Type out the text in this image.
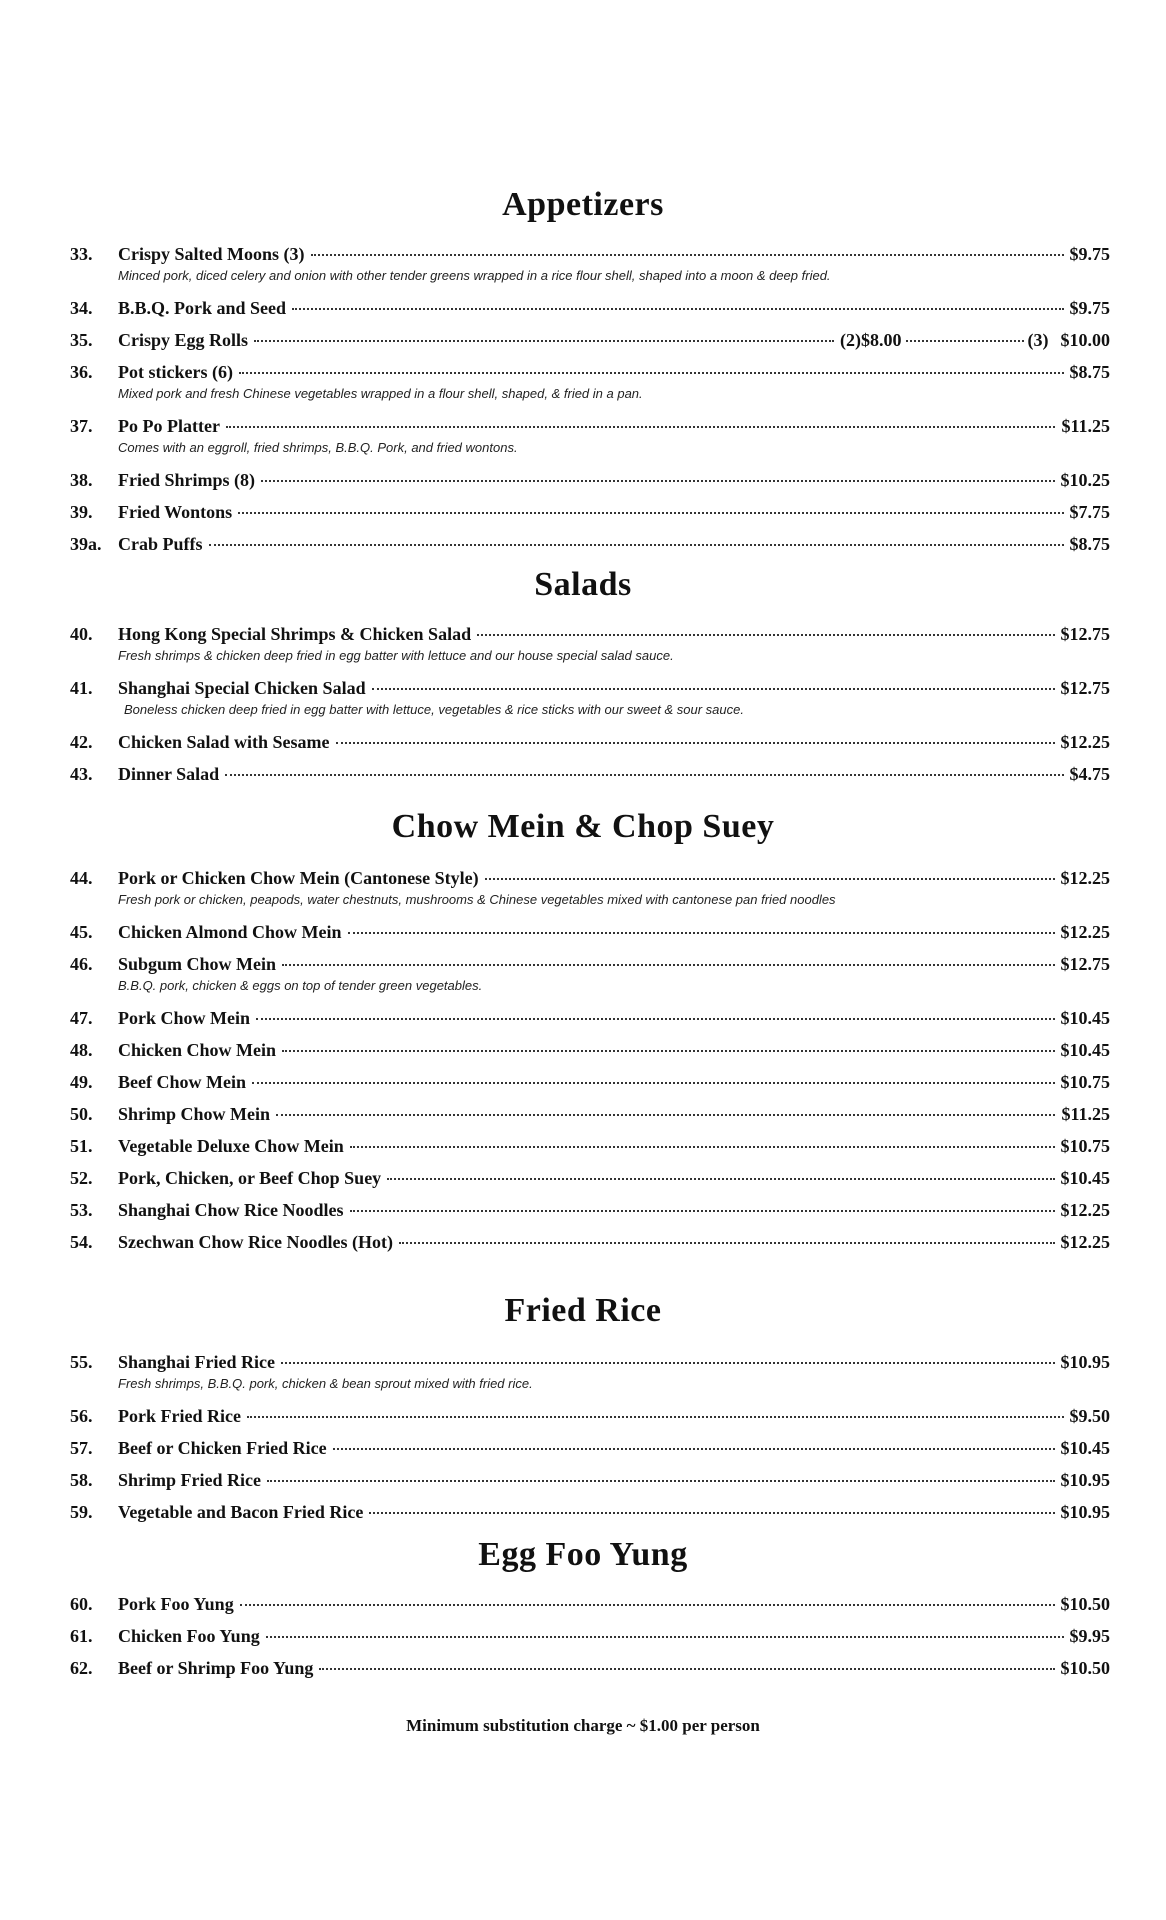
Appetizers
33.	Crispy Salted Moons (3)	$9.75
Minced pork, diced celery and onion with other tender greens wrapped in a rice flour shell, shaped into a moon & deep fried.
34.	B.B.Q. Pork and Seed	$9.75
35.	Crispy Egg Rolls	(2)$8.00	(3) $10.00
36.	Pot stickers (6)	$8.75
Mixed pork and fresh Chinese vegetables wrapped in a flour shell, shaped, & fried in a pan.
37.	Po Po Platter	$11.25
Comes with an eggroll, fried shrimps, B.B.Q. Pork, and fried wontons.
38.	Fried Shrimps (8)	$10.25
39.	Fried Wontons	$7.75
39a. Crab Puffs	$8.75
Salads
40.	Hong Kong Special Shrimps & Chicken Salad	$12.75
Fresh shrimps & chicken deep fried in egg batter with lettuce and our house special salad sauce.
41.	Shanghai Special Chicken Salad	$12.75
Boneless chicken deep fried in egg batter with lettuce, vegetables & rice sticks with our sweet & sour sauce.
42.	Chicken Salad with Sesame	$12.25
43.	Dinner Salad	$4.75
Chow Mein & Chop Suey
44.	Pork or Chicken Chow Mein (Cantonese Style)	$12.25
Fresh pork or chicken, peapods, water chestnuts, mushrooms & Chinese vegetables mixed with cantonese pan fried noodles
45.	Chicken Almond Chow Mein	$12.25
46.	Subgum Chow Mein	$12.75
B.B.Q. pork, chicken & eggs on top of tender green vegetables.
47.	Pork Chow Mein	$10.45
48.	Chicken Chow Mein	$10.45
49.	Beef Chow Mein	$10.75
50.	Shrimp Chow Mein	$11.25
51.	Vegetable Deluxe Chow Mein	$10.75
52.	Pork, Chicken, or Beef Chop Suey	$10.45
53.	Shanghai Chow Rice Noodles	$12.25
54.	Szechwan Chow Rice Noodles (Hot)	$12.25
Fried Rice
55.	Shanghai Fried Rice	$10.95
Fresh shrimps, B.B.Q. pork, chicken & bean sprout mixed with fried rice.
56.	Pork Fried Rice	$9.50
57.	Beef or Chicken Fried Rice	$10.45
58.	Shrimp Fried Rice	$10.95
59.	Vegetable and Bacon Fried Rice	$10.95
Egg Foo Yung
60.	Pork Foo Yung	$10.50
61.	Chicken Foo Yung	$9.95
62.	Beef or Shrimp Foo Yung	$10.50
Minimum substitution charge ~ $1.00 per person
